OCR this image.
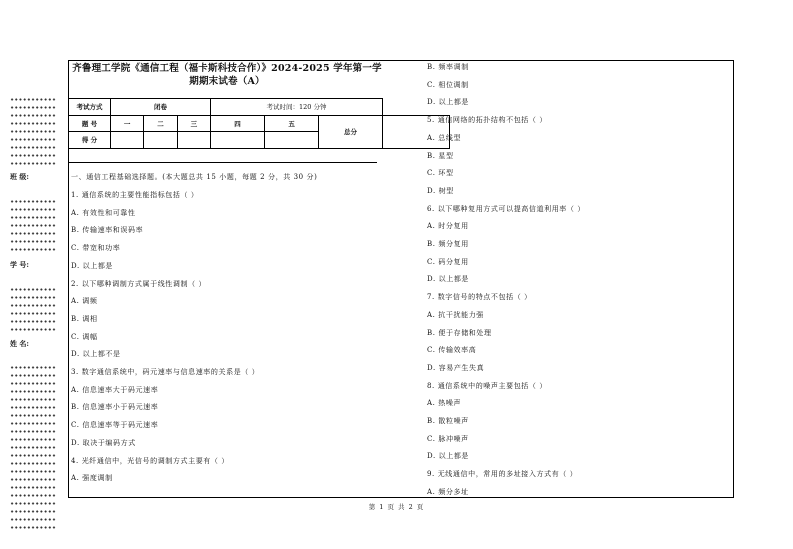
班 级:
学 号:
姓 名:
齐鲁理工学院《通信工程（福卡斯科技合作）》2024-2025 学年第一学
期期末试卷（A）
考试方式	闭卷			考试时间：120 分钟			
题 号	一	二	三	四	五	总分	
得 分							
一、通信工程基础选择题。(本大题总共 15 小题，每题 2 分，共 30 分)
1. 通信系统的主要性能指标包括（ ）
A. 有效性和可靠性
B. 传输速率和误码率
C. 带宽和功率
D. 以上都是
2. 以下哪种调制方式属于线性调制（ ）
A. 调频
B. 调相
C. 调幅
D. 以上都不是
3. 数字通信系统中，码元速率与信息速率的关系是（ ）
A. 信息速率大于码元速率
B. 信息速率小于码元速率
C. 信息速率等于码元速率
D. 取决于编码方式
4. 光纤通信中，光信号的调制方式主要有（ ）
A. 强度调制
B. 频率调制
C. 相位调制
D. 以上都是
5. 通信网络的拓扑结构不包括（ ）
A. 总线型
B. 星型
C. 环型
D. 树型
6. 以下哪种复用方式可以提高信道利用率（ ）
A. 时分复用
B. 频分复用
C. 码分复用
D. 以上都是
7. 数字信号的特点不包括（ ）
A. 抗干扰能力强
B. 便于存储和处理
C. 传输效率高
D. 容易产生失真
8. 通信系统中的噪声主要包括（ ）
A. 热噪声
B. 散粒噪声
C. 脉冲噪声
D. 以上都是
9. 无线通信中，常用的多址接入方式有（ ）
A. 频分多址
第 1 页 共 2 页
